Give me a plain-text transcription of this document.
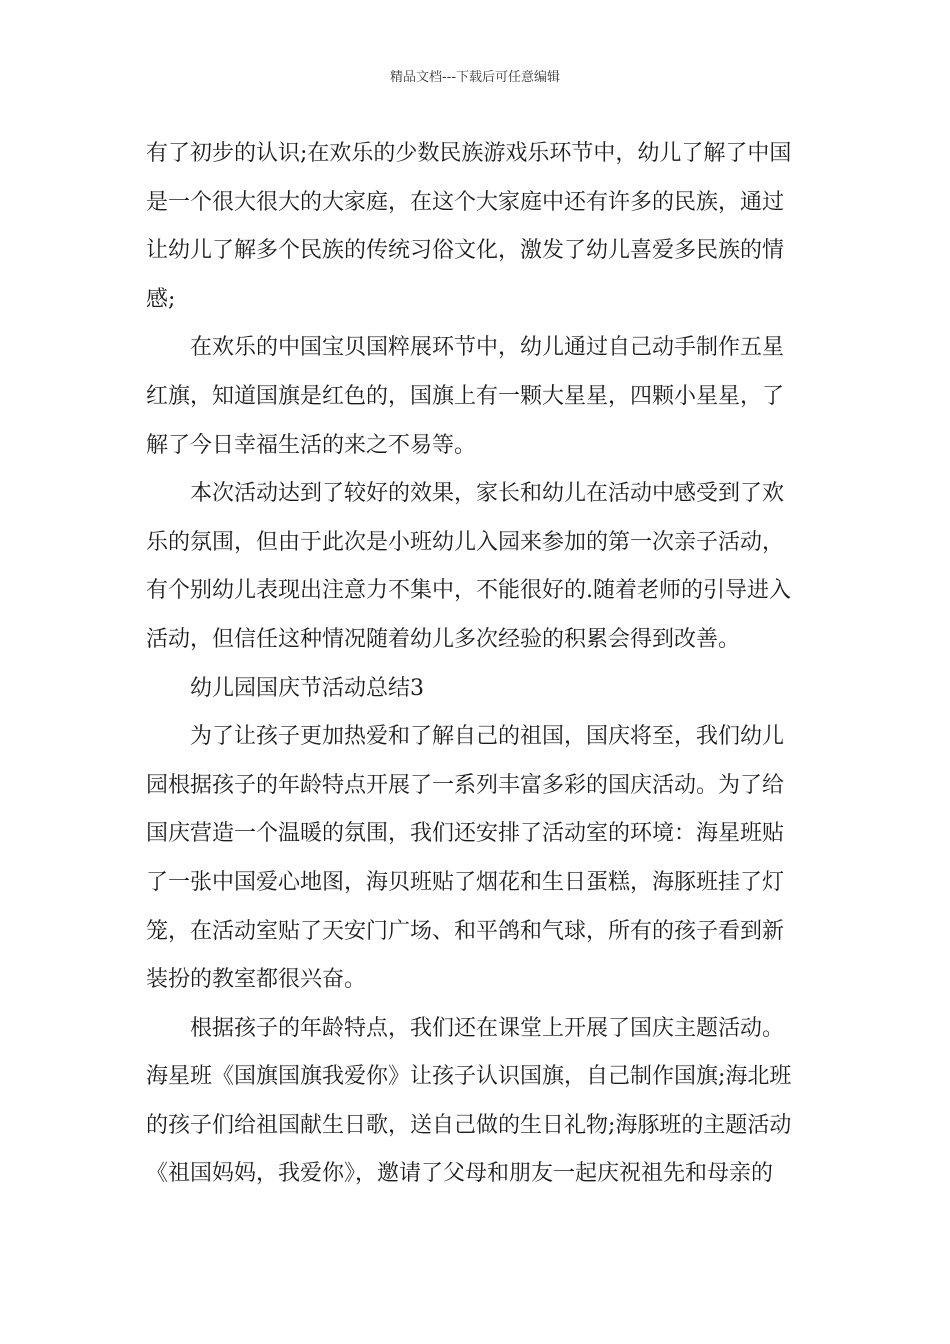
精品文档---下载后可任意编辑
有了初步的认识;在欢乐的少数民族游戏乐环节中，幼儿了解了中国
是一个很大很大的大家庭，在这个大家庭中还有许多的民族，通过
让幼儿了解多个民族的传统习俗文化，激发了幼儿喜爱多民族的情
感;
在欢乐的中国宝贝国粹展环节中，幼儿通过自己动手制作五星
红旗，知道国旗是红色的，国旗上有一颗大星星，四颗小星星，了
解了今日幸福生活的来之不易等。
本次活动达到了较好的效果，家长和幼儿在活动中感受到了欢
乐的氛围，但由于此次是小班幼儿入园来参加的第一次亲子活动，
有个别幼儿表现出注意力不集中，不能很好的.随着老师的引导进入
活动，但信任这种情况随着幼儿多次经验的积累会得到改善。
幼儿园国庆节活动总结3
为了让孩子更加热爱和了解自己的祖国，国庆将至，我们幼儿
园根据孩子的年龄特点开展了一系列丰富多彩的国庆活动。为了给
国庆营造一个温暖的氛围，我们还安排了活动室的环境：海星班贴
了一张中国爱心地图，海贝班贴了烟花和生日蛋糕，海豚班挂了灯
笼，在活动室贴了天安门广场、和平鸽和气球，所有的孩子看到新
装扮的教室都很兴奋。
根据孩子的年龄特点，我们还在课堂上开展了国庆主题活动。
海星班《国旗国旗我爱你》让孩子认识国旗，自己制作国旗;海北班
的孩子们给祖国献生日歌，送自己做的生日礼物;海豚班的主题活动
《祖国妈妈，我爱你》，邀请了父母和朋友一起庆祝祖先和母亲的
